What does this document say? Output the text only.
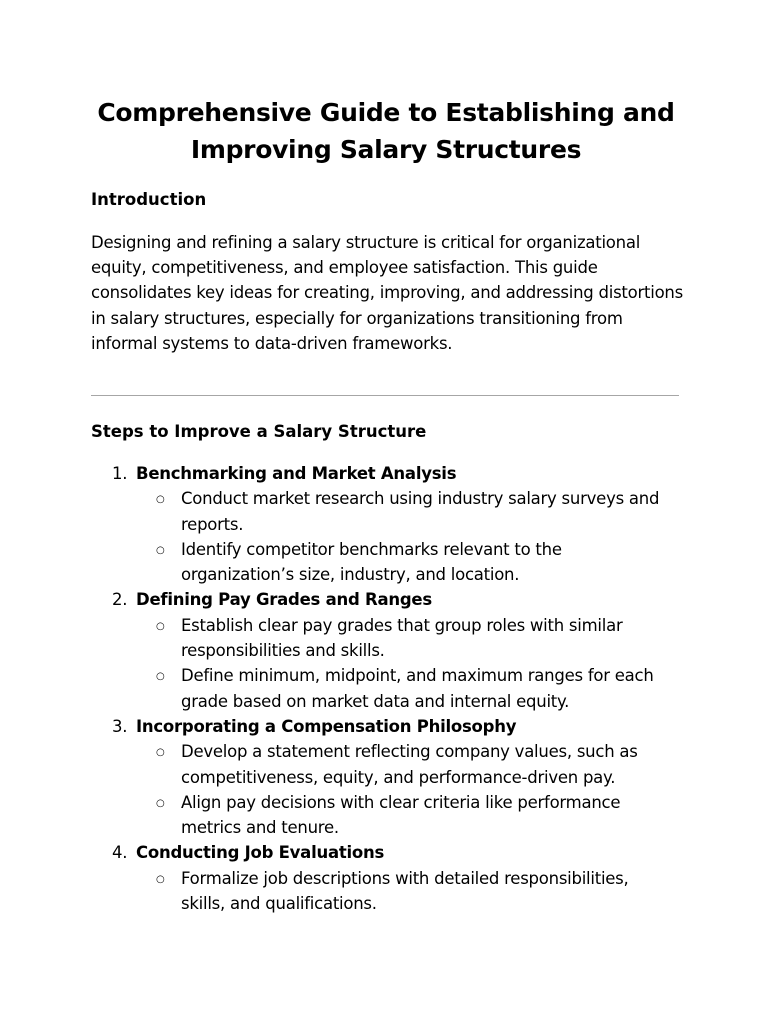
Comprehensive Guide to Establishing and Improving Salary Structures
Introduction
Designing and refining a salary structure is critical for organizational equity, competitiveness, and employee satisfaction. This guide consolidates key ideas for creating, improving, and addressing distortions in salary structures, especially for organizations transitioning from informal systems to data-driven frameworks.
Steps to Improve a Salary Structure
1. Benchmarking and Market Analysis
○ Conduct market research using industry salary surveys and reports.
○ Identify competitor benchmarks relevant to the organization’s size, industry, and location.
2. Defining Pay Grades and Ranges
○ Establish clear pay grades that group roles with similar responsibilities and skills.
○ Define minimum, midpoint, and maximum ranges for each grade based on market data and internal equity.
3. Incorporating a Compensation Philosophy
○ Develop a statement reflecting company values, such as competitiveness, equity, and performance-driven pay.
○ Align pay decisions with clear criteria like performance metrics and tenure.
4. Conducting Job Evaluations
○ Formalize job descriptions with detailed responsibilities, skills, and qualifications.
